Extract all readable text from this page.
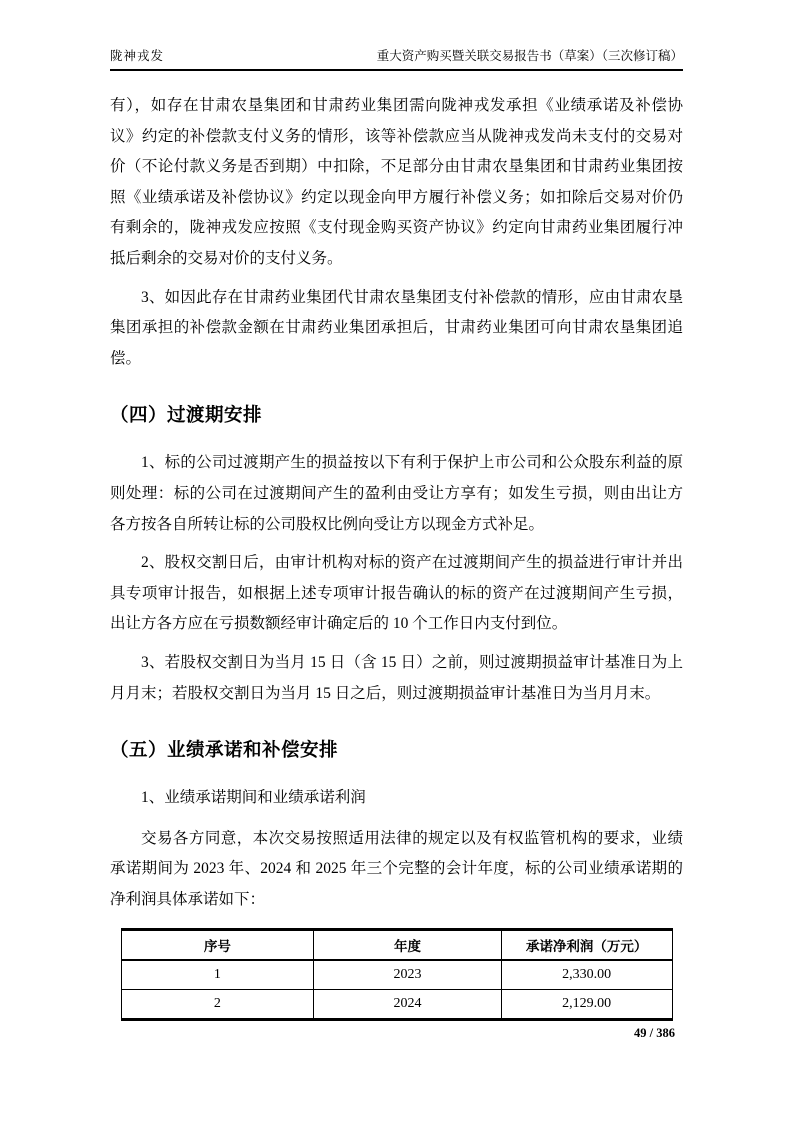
陇神戎发	重大资产购买暨关联交易报告书（草案）（三次修订稿）

有），如存在甘肃农垦集团和甘肃药业集团需向陇神戎发承担《业绩承诺及补偿协议》约定的补偿款支付义务的情形，该等补偿款应当从陇神戎发尚未支付的交易对价（不论付款义务是否到期）中扣除，不足部分由甘肃农垦集团和甘肃药业集团按照《业绩承诺及补偿协议》约定以现金向甲方履行补偿义务；如扣除后交易对价仍有剩余的，陇神戎发应按照《支付现金购买资产协议》约定向甘肃药业集团履行冲抵后剩余的交易对价的支付义务。

3、如因此存在甘肃药业集团代甘肃农垦集团支付补偿款的情形，应由甘肃农垦集团承担的补偿款金额在甘肃药业集团承担后，甘肃药业集团可向甘肃农垦集团追偿。

（四）过渡期安排

1、标的公司过渡期产生的损益按以下有利于保护上市公司和公众股东利益的原则处理：标的公司在过渡期间产生的盈利由受让方享有；如发生亏损，则由出让方各方按各自所转让标的公司股权比例向受让方以现金方式补足。

2、股权交割日后，由审计机构对标的资产在过渡期间产生的损益进行审计并出具专项审计报告，如根据上述专项审计报告确认的标的资产在过渡期间产生亏损，出让方各方应在亏损数额经审计确定后的 10 个工作日内支付到位。

3、若股权交割日为当月 15 日（含 15 日）之前，则过渡期损益审计基准日为上月月末；若股权交割日为当月 15 日之后，则过渡期损益审计基准日为当月月末。

（五）业绩承诺和补偿安排

1、业绩承诺期间和业绩承诺利润

交易各方同意，本次交易按照适用法律的规定以及有权监管机构的要求，业绩承诺期间为 2023 年、2024 和 2025 年三个完整的会计年度，标的公司业绩承诺期的净利润具体承诺如下：

序号	年度	承诺净利润（万元）
1	2023	2,330.00
2	2024	2,129.00
49 / 386
